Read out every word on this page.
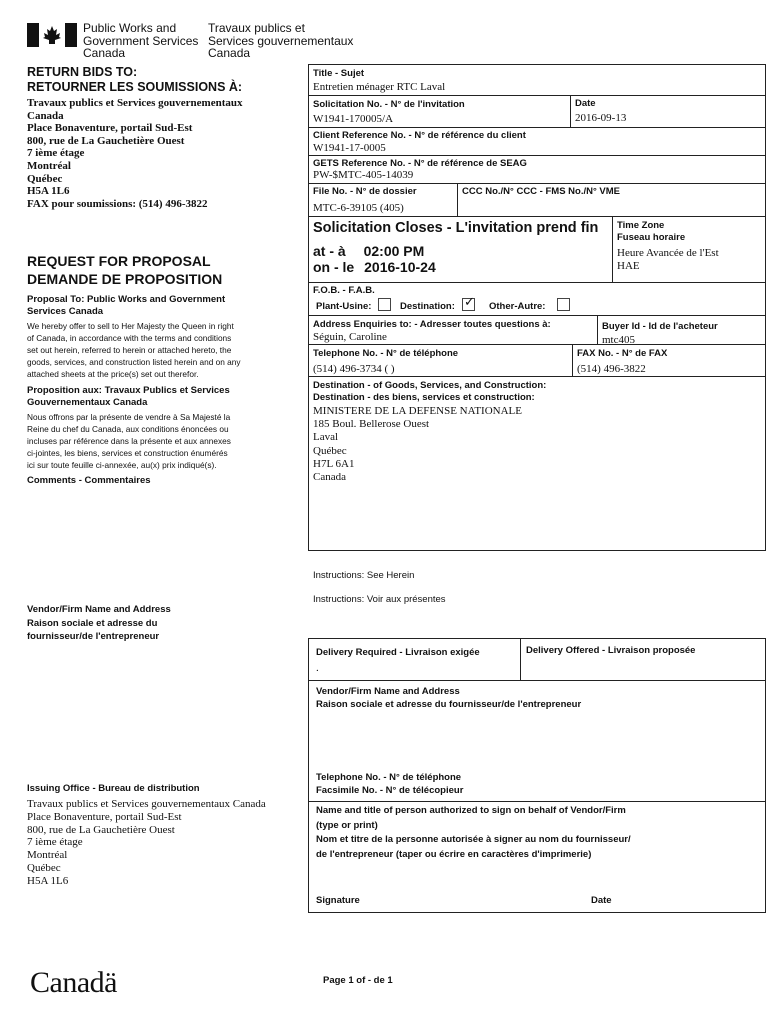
Public Works and
Government Services
Canada
Travaux publics et
Services gouvernementaux
Canada
RETURN BIDS TO:
RETOURNER LES SOUMISSIONS À:
Travaux publics et Services gouvernementaux
Canada
Place Bonaventure, portail Sud-Est
800, rue de La Gauchetière Ouest
7 ième étage
Montréal
Québec
H5A 1L6
FAX pour soumissions: (514) 496-3822
REQUEST FOR PROPOSAL
DEMANDE DE PROPOSITION
Proposal To: Public Works and Government
Services Canada
We hereby offer to sell to Her Majesty the Queen in right
of Canada, in accordance with the terms and conditions
set out herein, referred to herein or attached hereto, the
goods, services, and construction listed herein and on any
attached sheets at the price(s) set out therefor.
Proposition aux: Travaux Publics et Services
Gouvernementaux Canada
Nous offrons par la présente de vendre à Sa Majesté la
Reine du chef du Canada, aux conditions énoncées ou
incluses par référence dans la présente et aux annexes
ci-jointes, les biens, services et construction énumérés
ici sur toute feuille ci-annexée, au(x) prix indiqué(s).
Comments - Commentaires
Vendor/Firm Name and Address
Raison sociale et adresse du
fournisseur/de l'entrepreneur
Issuing Office - Bureau de distribution
Travaux publics et Services gouvernementaux Canada
Place Bonaventure, portail Sud-Est
800, rue de La Gauchetière Ouest
7 ième étage
Montréal
Québec
H5A 1L6
Canadä
Title - Sujet
Entretien ménager RTC Laval
Solicitation No. - N° de l'invitation
W1941-170005/A
Date
2016-09-13
Client Reference No. - N° de référence du client
W1941-17-0005
GETS Reference No. - N° de référence de SEAG
PW-$MTC-405-14039
File No. - N° de dossier
MTC-6-39105 (405)
CCC No./N° CCC - FMS No./N° VME
Solicitation Closes - L'invitation prend fin
at - à 02:00 PM
on - le 2016-10-24
Time Zone
Fuseau horaire
Heure Avancée de l'Est
HAE
F.O.B. - F.A.B.
Plant-Usine:	Destination: ✓ Other-Autre:
Address Enquiries to: - Adresser toutes questions à:
Séguin, Caroline
Buyer Id - Id de l'acheteur
mtc405
Telephone No. - N° de téléphone
(514) 496-3734 ( )
FAX No. - N° de FAX
(514) 496-3822
Destination - of Goods, Services, and Construction:
Destination - des biens, services et construction:
MINISTERE DE LA DEFENSE NATIONALE
185 Boul. Bellerose Ouest
Laval
Québec
H7L 6A1
Canada
Instructions: See Herein
Instructions: Voir aux présentes
Delivery Required - Livraison exigée
.
Delivery Offered - Livraison proposée
Vendor/Firm Name and Address
Raison sociale et adresse du fournisseur/de l'entrepreneur
Telephone No. - N° de téléphone
Facsimile No. - N° de télécopieur
Name and title of person authorized to sign on behalf of Vendor/Firm
(type or print)
Nom et titre de la personne autorisée à signer au nom du fournisseur/
de l'entrepreneur (taper ou écrire en caractères d'imprimerie)
Signature	Date
Page 1 of - de 1
